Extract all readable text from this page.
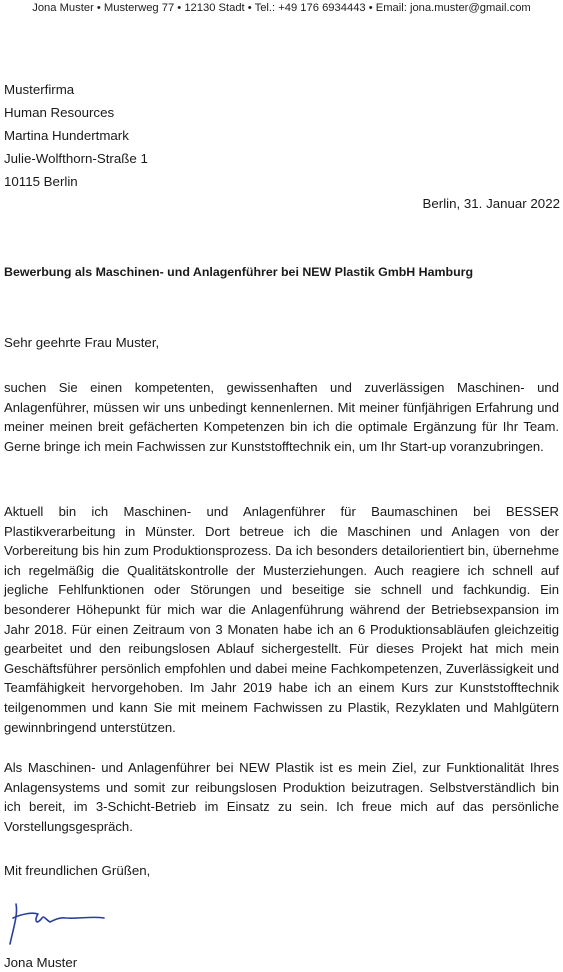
Jona Muster • Musterweg 77 • 12130 Stadt • Tel.: +49 176 6934443 • Email: jona.muster@gmail.com
Musterfirma
Human Resources
Martina Hundertmark
Julie-Wolfthorn-Straße 1
10115 Berlin
Berlin, 31. Januar 2022
Bewerbung als Maschinen- und Anlagenführer bei NEW Plastik GmbH Hamburg
Sehr geehrte Frau Muster,

suchen Sie einen kompetenten, gewissenhaften und zuverlässigen Maschinen- und Anlagenführer, müssen wir uns unbedingt kennenlernen. Mit meiner fünfjährigen Erfahrung und meiner meinen breit gefächerten Kompetenzen bin ich die optimale Ergänzung für Ihr Team. Gerne bringe ich mein Fachwissen zur Kunststofftechnik ein, um Ihr Start-up voranzubringen.

Aktuell bin ich Maschinen- und Anlagenführer für Baumaschinen bei BESSER Plastikverarbeitung in Münster. Dort betreue ich die Maschinen und Anlagen von der Vorbereitung bis hin zum Produktionsprozess. Da ich besonders detailorientiert bin, übernehme ich regelmäßig die Qualitätskontrolle der Musterziehungen. Auch reagiere ich schnell auf jegliche Fehlfunktionen oder Störungen und beseitige sie schnell und fachkundig. Ein besonderer Höhepunkt für mich war die Anlagenführung während der Betriebsexpansion im Jahr 2018. Für einen Zeitraum von 3 Monaten habe ich an 6 Produktionsabläufen gleichzeitig gearbeitet und den reibungslosen Ablauf sichergestellt. Für dieses Projekt hat mich mein Geschäftsführer persönlich empfohlen und dabei meine Fachkompetenzen, Zuverlässigkeit und Teamfähigkeit hervorgehoben. Im Jahr 2019 habe ich an einem Kurs zur Kunststofftechnik teilgenommen und kann Sie mit meinem Fachwissen zu Plastik, Rezyklaten und Mahlgütern gewinnbringend unterstützen.

Als Maschinen- und Anlagenführer bei NEW Plastik ist es mein Ziel, zur Funktionalität Ihres Anlagensystems und somit zur reibungslosen Produktion beizutragen. Selbstverständlich bin ich bereit, im 3-Schicht-Betrieb im Einsatz zu sein. Ich freue mich auf das persönliche Vorstellungsgespräch.

Mit freundlichen Grüßen,
Jona Muster
